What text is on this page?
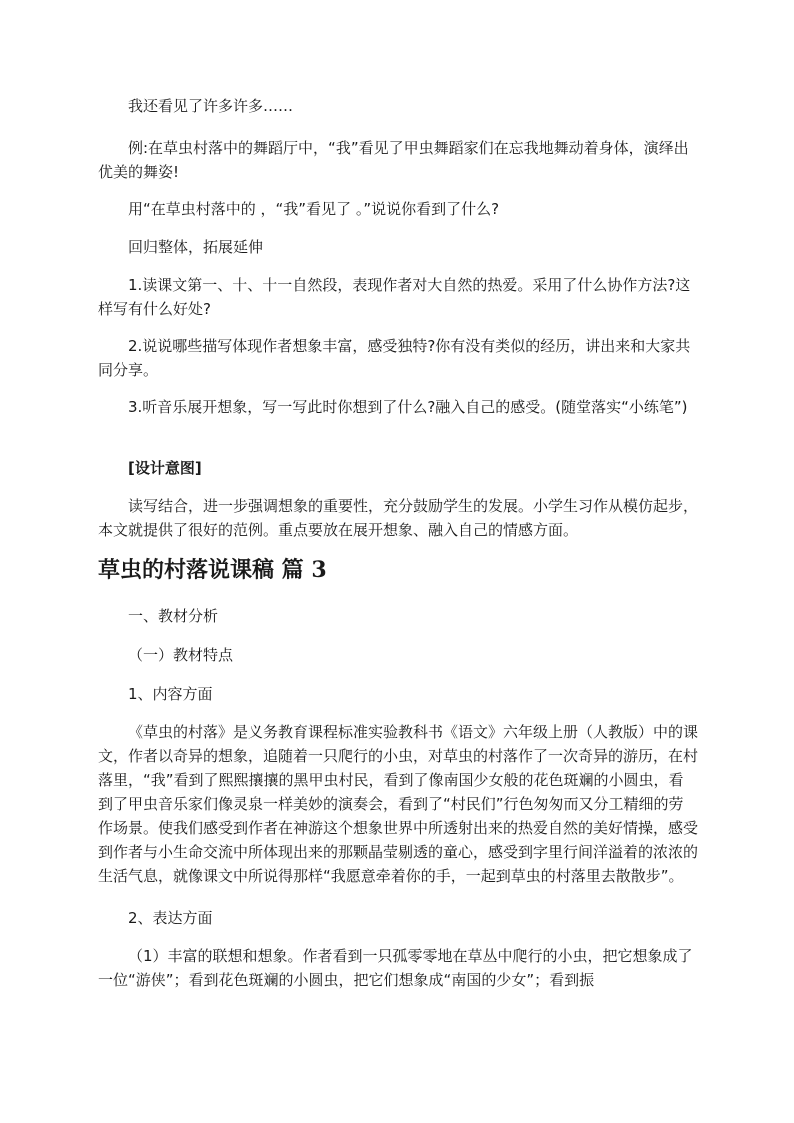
我还看见了许多许多……

例:在草虫村落中的舞蹈厅中，“我”看见了甲虫舞蹈家们在忘我地舞动着身体，演绎出优美的舞姿!

用“在草虫村落中的 ，“我”看见了 。”说说你看到了什么?

回归整体，拓展延伸

1.读课文第一、十、十一自然段，表现作者对大自然的热爱。采用了什么协作方法?这样写有什么好处?

2.说说哪些描写体现作者想象丰富，感受独特?你有没有类似的经历，讲出来和大家共同分享。

3.听音乐展开想象，写一写此时你想到了什么?融入自己的感受。(随堂落实“小练笔”)

[设计意图]

读写结合，进一步强调想象的重要性，充分鼓励学生的发展。小学生习作从模仿起步，本文就提供了很好的范例。重点要放在展开想象、融入自己的情感方面。

草虫的村落说课稿 篇 3

一、教材分析

（一）教材特点

1、内容方面

《草虫的村落》是义务教育课程标准实验教科书《语文》六年级上册（人教版）中的课文，作者以奇异的想象，追随着一只爬行的小虫，对草虫的村落作了一次奇异的游历，在村落里，“我”看到了熙熙攘攘的黑甲虫村民，看到了像南国少女般的花色斑斓的小圆虫，看到了甲虫音乐家们像灵泉一样美妙的演奏会，看到了“村民们”行色匆匆而又分工精细的劳作场景。使我们感受到作者在神游这个想象世界中所透射出来的热爱自然的美好情操，感受到作者与小生命交流中所体现出来的那颗晶莹剔透的童心，感受到字里行间洋溢着的浓浓的生活气息，就像课文中所说得那样“我愿意牵着你的手，一起到草虫的村落里去散散步”。

2、表达方面

（1）丰富的联想和想象。作者看到一只孤零零地在草丛中爬行的小虫，把它想象成了一位“游侠”；看到花色斑斓的小圆虫，把它们想象成“南国的少女”；看到振
